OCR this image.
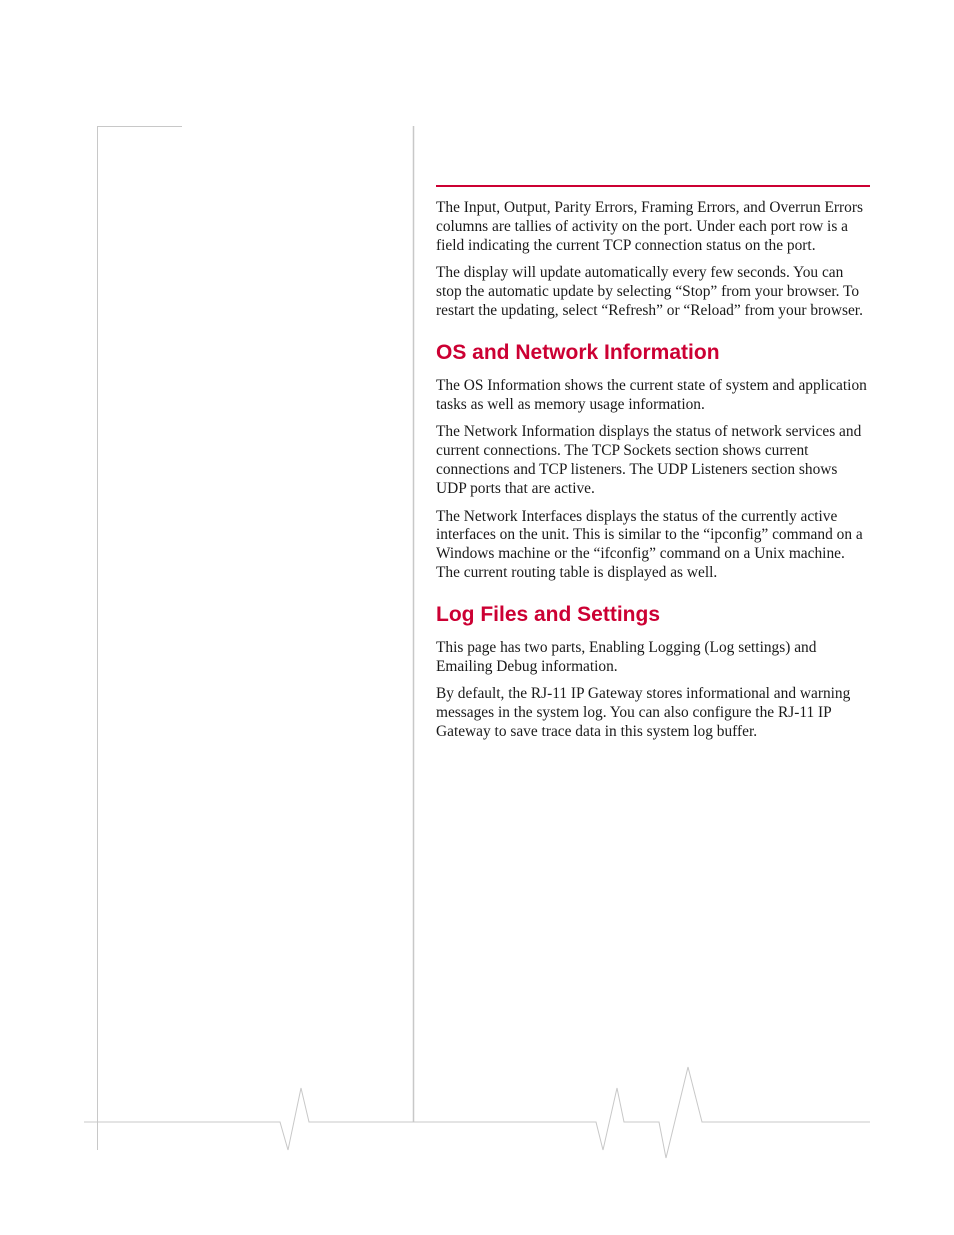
The Input, Output, Parity Errors, Framing Errors, and Overrun Errors columns are tallies of activity on the port. Under each port row is a field indicating the current TCP connection status on the port.

The display will update automatically every few seconds. You can stop the automatic update by selecting “Stop” from your browser. To restart the updating, select “Refresh” or “Reload” from your browser.

OS and Network Information

The OS Information shows the current state of system and application tasks as well as memory usage information.

The Network Information displays the status of network services and current connections. The TCP Sockets section shows current connections and TCP listeners. The UDP Listeners section shows UDP ports that are active.

The Network Interfaces displays the status of the currently active interfaces on the unit. This is similar to the “ipconfig” command on a Windows machine or the “ifconfig” command on a Unix machine. The current routing table is displayed as well.

Log Files and Settings

This page has two parts, Enabling Logging (Log settings) and Emailing Debug information.

By default, the RJ-11 IP Gateway stores informational and warning messages in the system log. You can also configure the RJ-11 IP Gateway to save trace data in this system log buffer.
